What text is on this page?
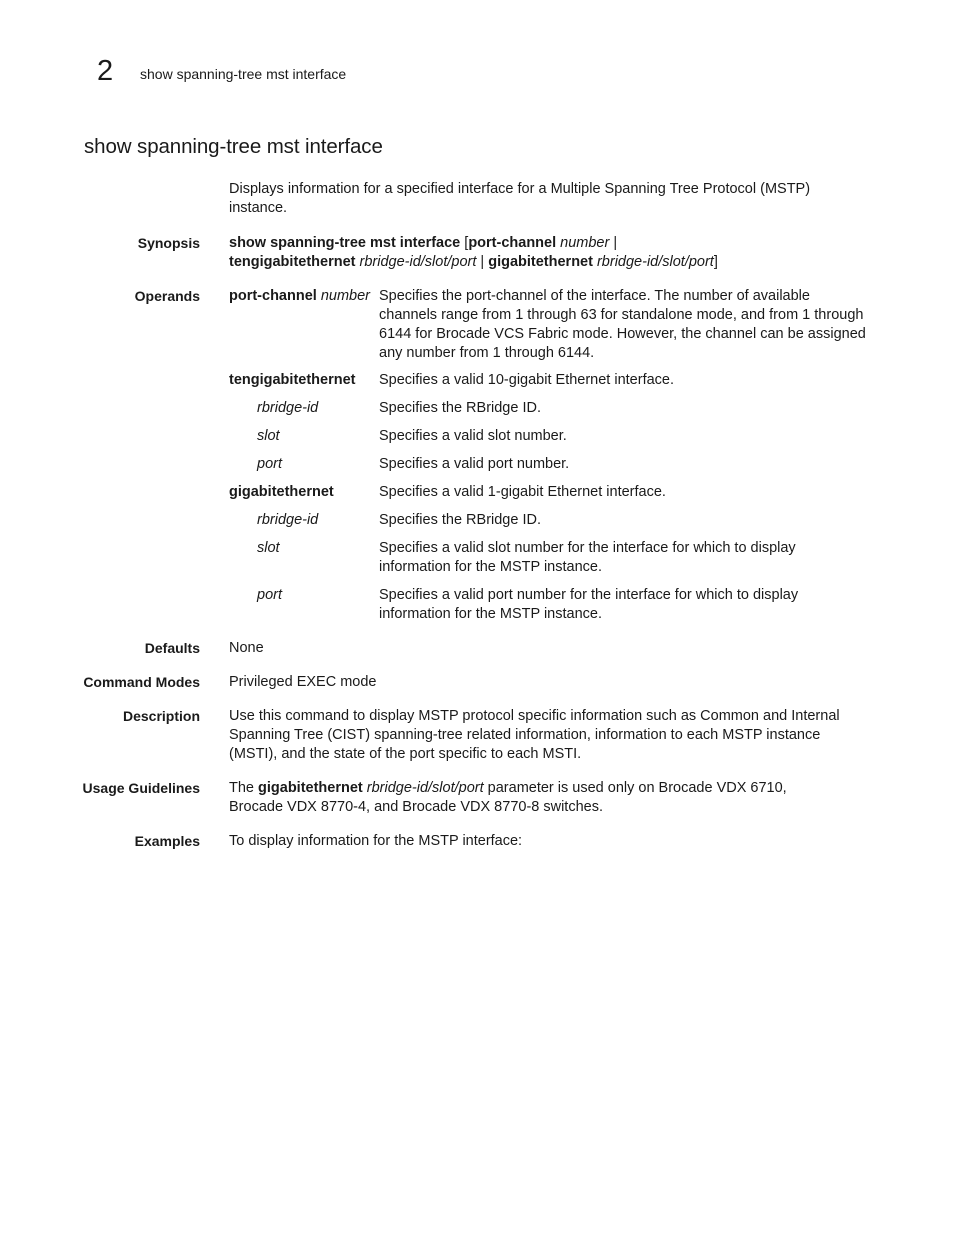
2 show spanning-tree mst interface
show spanning-tree mst interface
Displays information for a specified interface for a Multiple Spanning Tree Protocol (MSTP) instance.
Synopsis show spanning-tree mst interface [port-channel number |
tengigabitethernet rbridge-id/slot/port | gigabitethernet rbridge-id/slot/port]
Operands port-channel number Specifies the port-channel of the interface. The number of available channels range from 1 through 63 for standalone mode, and from 1 through 6144 for Brocade VCS Fabric mode. However, the channel can be assigned any number from 1 through 6144.
tengigabitethernet Specifies a valid 10-gigabit Ethernet interface.
rbridge-id	Specifies the RBridge ID.
slot	Specifies a valid slot number.
port	Specifies a valid port number.
gigabitethernet	Specifies a valid 1-gigabit Ethernet interface.
rbridge-id	Specifies the RBridge ID.
slot	Specifies a valid slot number for the interface for which to display information for the MSTP instance.
port	Specifies a valid port number for the interface for which to display information for the MSTP instance.
Defaults None
Command Modes Privileged EXEC mode
Description Use this command to display MSTP protocol specific information such as Common and Internal Spanning Tree (CIST) spanning-tree related information, information to each MSTP instance (MSTI), and the state of the port specific to each MSTI.
Usage Guidelines The gigabitethernet rbridge-id/slot/port parameter is used only on Brocade VDX 6710, Brocade VDX 8770-4, and Brocade VDX 8770-8 switches.
Examples To display information for the MSTP interface:
